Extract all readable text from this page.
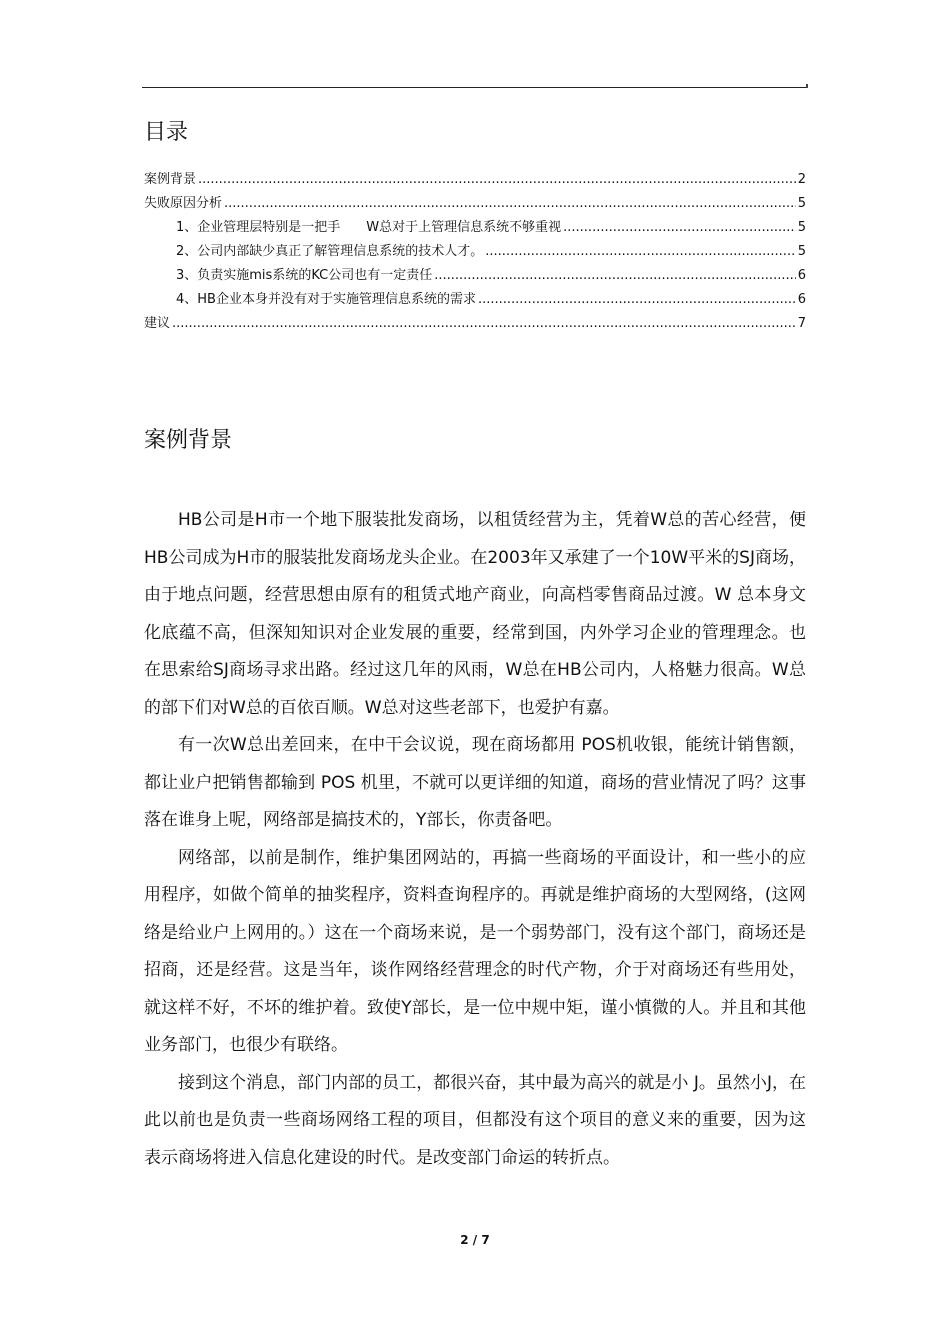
目录
案例背景 .....	2
失败原因分析 .....	5
1、企业管理层特别是一把手　　W总对于上管理信息系统不够重视 .....	5
2、公司内部缺少真正了解管理信息系统的技术人才。 .....	5
3、负责实施mis系统的KC公司也有一定责任 .....	6
4、HB企业本身并没有对于实施管理信息系统的需求 .....	6
建议 .....	7
案例背景

HB公司是H市一个地下服装批发商场，以租赁经营为主，凭着W总的苦心经营，便HB公司成为H市的服装批发商场龙头企业。在2003年又承建了一个10W平米的SJ商场，由于地点问题，经营思想由原有的租赁式地产商业，向高档零售商品过渡。W 总本身文化底蕴不高，但深知知识对企业发展的重要，经常到国，内外学习企业的管理理念。也在思索给SJ商场寻求出路。经过这几年的风雨，W总在HB公司内，人格魅力很高。W总的部下们对W总的百依百顺。W总对这些老部下，也爱护有嘉。

有一次W总出差回来，在中干会议说，现在商场都用 POS机收银，能统计销售额，都让业户把销售都输到 POS 机里，不就可以更详细的知道，商场的营业情况了吗？这事落在谁身上呢，网络部是搞技术的，Y部长，你责备吧。

网络部，以前是制作，维护集团网站的，再搞一些商场的平面设计，和一些小的应用程序，如做个简单的抽奖程序，资料查询程序的。再就是维护商场的大型网络，(这网络是给业户上网用的。）这在一个商场来说，是一个弱势部门，没有这个部门，商场还是招商，还是经营。这是当年，谈作网络经营理念的时代产物，介于对商场还有些用处，就这样不好，不坏的维护着。致使Y部长，是一位中规中矩，谨小慎微的人。并且和其他业务部门，也很少有联络。

接到这个消息，部门内部的员工，都很兴奋，其中最为高兴的就是小 J。虽然小J，在此以前也是负责一些商场网络工程的项目，但都没有这个项目的意义来的重要，因为这表示商场将进入信息化建设的时代。是改变部门命运的转折点。

2 / 7
